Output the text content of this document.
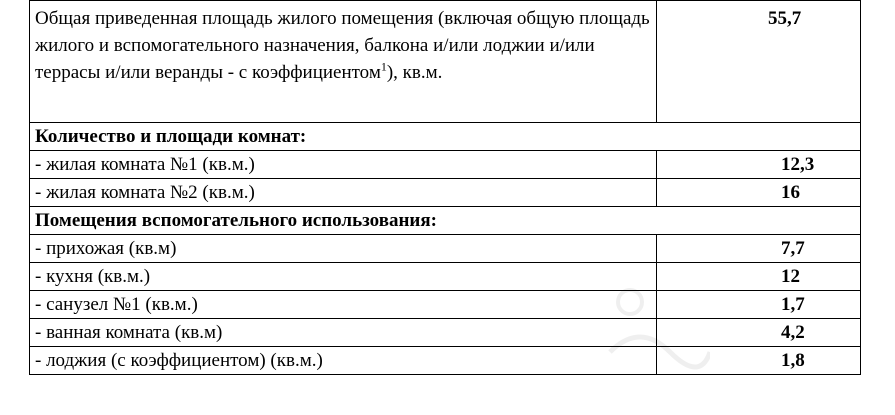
Общая приведенная площадь жилого помещения (включая общую площадь жилого и вспомогательного назначения, балкона и/или лоджии и/или террасы и/или веранды - с коэффициентом$^1$), кв.м.	55,7
Количество и площади комнат:	
- жилая комната №1 (кв.м.)	12,3
- жилая комната №2 (кв.м.)	16
Помещения вспомогательного использования:	
- прихожая (кв.м)	7,7
- кухня (кв.м.)	12
- санузел №1 (кв.м.)	1,7
- ванная комната (кв.м)	4,2
- лоджия (с коэффициентом) (кв.м.)	1,8
